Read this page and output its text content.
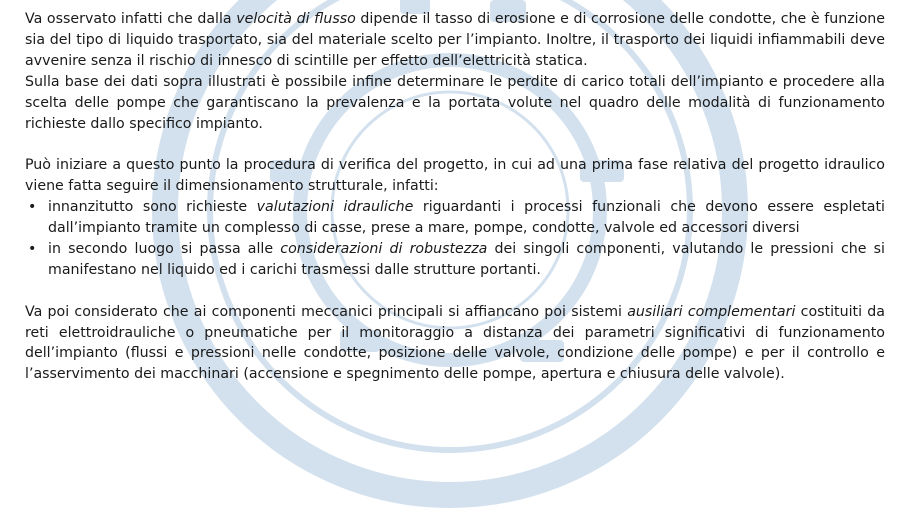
Va osservato infatti che dalla velocità di flusso dipende il tasso di erosione e di corrosione delle condotte, che è funzione sia del tipo di liquido trasportato, sia del materiale scelto per l’impianto. Inoltre, il trasporto dei liquidi infiammabili deve avvenire senza il rischio di innesco di scintille per effetto dell’elettricità statica.

Sulla base dei dati sopra illustrati è possibile infine determinare le perdite di carico totali dell’impianto e procedere alla scelta delle pompe che garantiscano la prevalenza e la portata volute nel quadro delle modalità di funzionamento richieste dallo specifico impianto.

Può iniziare a questo punto la procedura di verifica del progetto, in cui ad una prima fase relativa del progetto idraulico viene fatta seguire il dimensionamento strutturale, infatti:

• innanzitutto sono richieste valutazioni idrauliche riguardanti i processi funzionali che devono essere espletati dall’impianto tramite un complesso di casse, prese a mare, pompe, condotte, valvole ed accessori diversi
• in secondo luogo si passa alle considerazioni di robustezza dei singoli componenti, valutando le pressioni che si manifestano nel liquido ed i carichi trasmessi dalle strutture portanti.

Va poi considerato che ai componenti meccanici principali si affiancano poi sistemi ausiliari complementari costituiti da reti elettroidrauliche o pneumatiche per il monitoraggio a distanza dei parametri significativi di funzionamento dell’impianto (flussi e pressioni nelle condotte, posizione delle valvole, condizione delle pompe) e per il controllo e l’asservimento dei macchinari (accensione e spegnimento delle pompe, apertura e chiusura delle valvole).
